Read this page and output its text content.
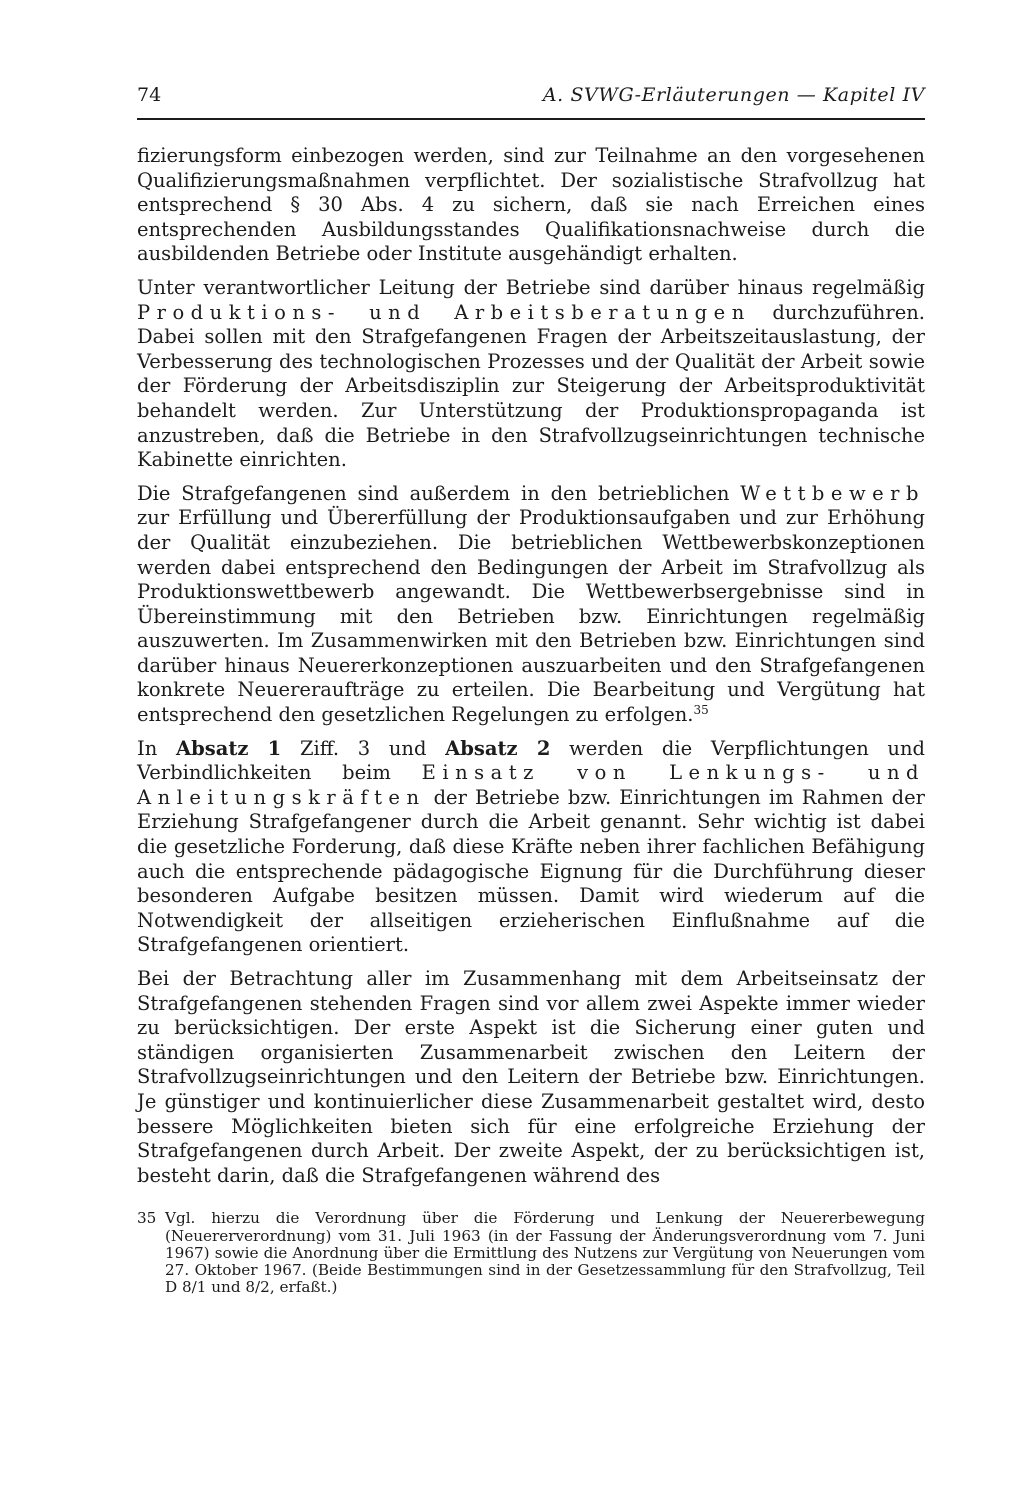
74	A. SVWG-Erläuterungen — Kapitel IV

fizierungsform einbezogen werden, sind zur Teilnahme an den vorgesehenen Qualifizierungsmaßnahmen verpflichtet. Der sozialistische Strafvollzug hat entsprechend § 30 Abs. 4 zu sichern, daß sie nach Erreichen eines entsprechenden Ausbildungsstandes Qualifikationsnachweise durch die ausbildenden Betriebe oder Institute ausgehändigt erhalten.

Unter verantwortlicher Leitung der Betriebe sind darüber hinaus regelmäßig Produktions- und Arbeitsberatungen durchzuführen. Dabei sollen mit den Strafgefangenen Fragen der Arbeitszeitauslastung, der Verbesserung des technologischen Prozesses und der Qualität der Arbeit sowie der Förderung der Arbeitsdisziplin zur Steigerung der Arbeitsproduktivität behandelt werden. Zur Unterstützung der Produktionspropaganda ist anzustreben, daß die Betriebe in den Strafvollzugseinrichtungen technische Kabinette einrichten.

Die Strafgefangenen sind außerdem in den betrieblichen Wettbewerb zur Erfüllung und Übererfüllung der Produktionsaufgaben und zur Erhöhung der Qualität einzubeziehen. Die betrieblichen Wettbewerbskonzeptionen werden dabei entsprechend den Bedingungen der Arbeit im Strafvollzug als Produktionswettbewerb angewandt. Die Wettbewerbsergebnisse sind in Übereinstimmung mit den Betrieben bzw. Einrichtungen regelmäßig auszuwerten. Im Zusammenwirken mit den Betrieben bzw. Einrichtungen sind darüber hinaus Neuererkonzeptionen auszuarbeiten und den Strafgefangenen konkrete Neuereraufträge zu erteilen. Die Bearbeitung und Vergütung hat entsprechend den gesetzlichen Regelungen zu erfolgen.$^{35}$

In Absatz 1 Ziff. 3 und Absatz 2 werden die Verpflichtungen und Verbindlichkeiten beim Einsatz von Lenkungs- und Anleitungskräften der Betriebe bzw. Einrichtungen im Rahmen der Erziehung Strafgefangener durch die Arbeit genannt. Sehr wichtig ist dabei die gesetzliche Forderung, daß diese Kräfte neben ihrer fachlichen Befähigung auch die entsprechende pädagogische Eignung für die Durchführung dieser besonderen Aufgabe besitzen müssen. Damit wird wiederum auf die Notwendigkeit der allseitigen erzieherischen Einflußnahme auf die Strafgefangenen orientiert.

Bei der Betrachtung aller im Zusammenhang mit dem Arbeitseinsatz der Strafgefangenen stehenden Fragen sind vor allem zwei Aspekte immer wieder zu berücksichtigen. Der erste Aspekt ist die Sicherung einer guten und ständigen organisierten Zusammenarbeit zwischen den Leitern der Strafvollzugseinrichtungen und den Leitern der Betriebe bzw. Einrichtungen. Je günstiger und kontinuierlicher diese Zusammenarbeit gestaltet wird, desto bessere Möglichkeiten bieten sich für eine erfolgreiche Erziehung der Strafgefangenen durch Arbeit. Der zweite Aspekt, der zu berücksichtigen ist, besteht darin, daß die Strafgefangenen während des

35 Vgl. hierzu die Verordnung über die Förderung und Lenkung der Neuererbewegung (Neuererverordnung) vom 31. Juli 1963 (in der Fassung der Änderungsverordnung vom 7. Juni 1967) sowie die Anordnung über die Ermittlung des Nutzens zur Vergütung von Neuerungen vom 27. Oktober 1967. (Beide Bestimmungen sind in der Gesetzessammlung für den Strafvollzug, Teil D 8/1 und 8/2, erfaßt.)
